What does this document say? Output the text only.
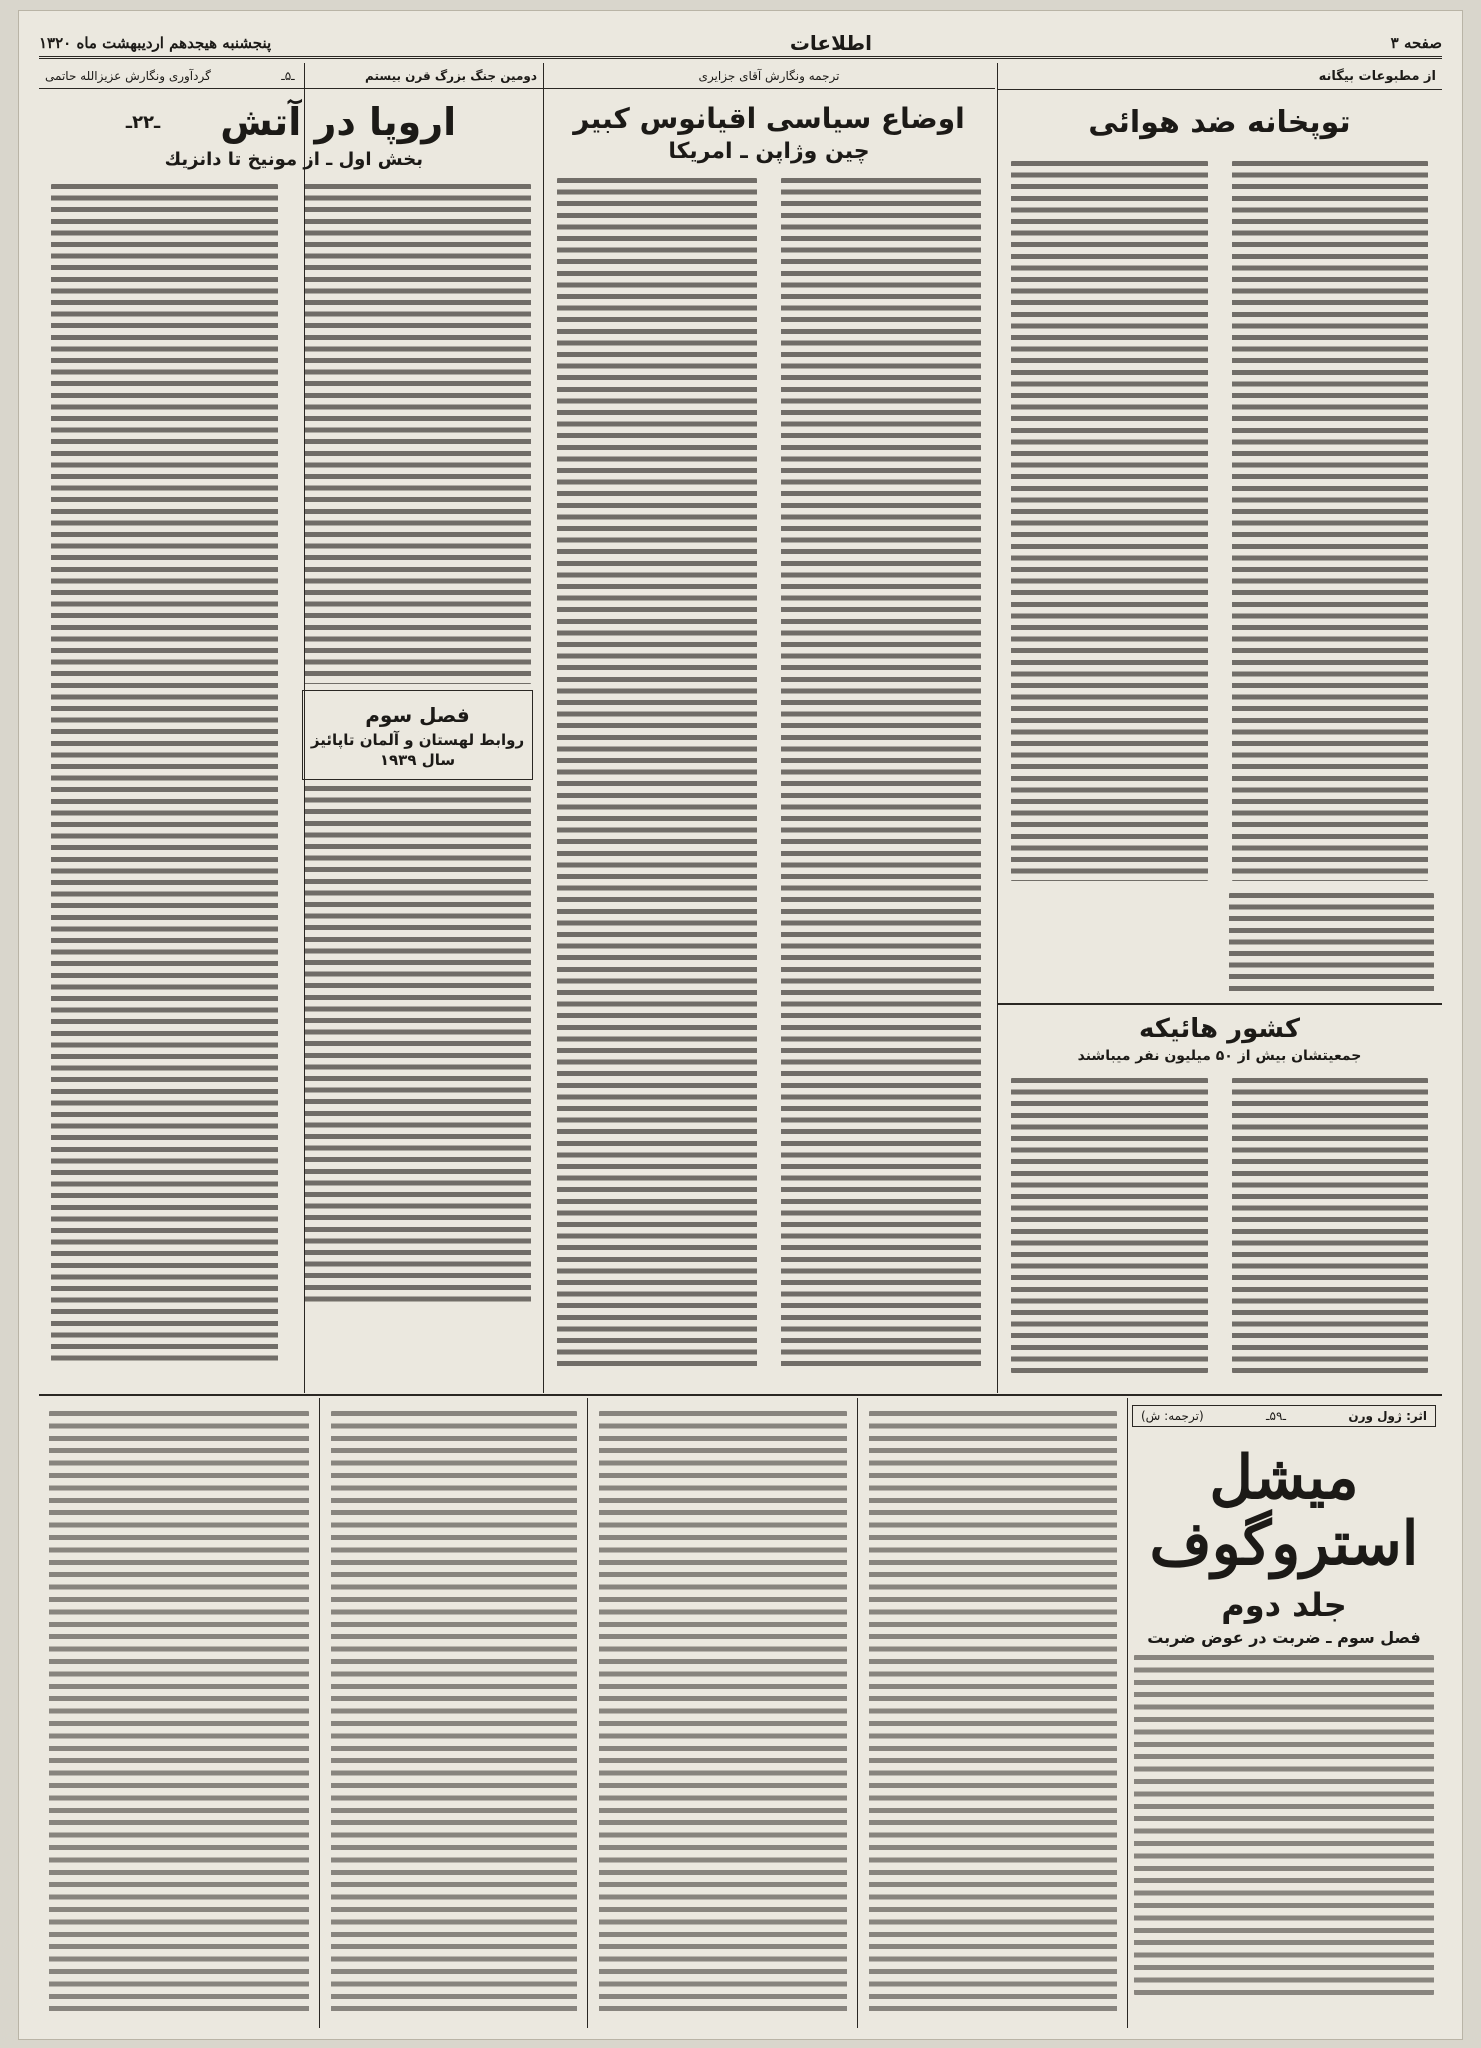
صفحه ۳
اطلاعات
پنجشنبه هیجدهم اردیبهشت ماه ۱۳۲۰
از مطبوعات بیگانه
توپخانه ضد هوائی
کشور هائیکه
جمعیتشان بیش از ۵۰ میلیون نفر میباشند
ترجمه ونگارش آقای جزایری
اوضاع سیاسی اقیانوس کبیر
چین وژاپن ـ امریکا
دومین جنگ بزرگ قرن بیستم
ـ۵ـ
گردآوری ونگارش عزیزالله حاتمی
اروپا در آتش
ـ۲۲ـ
بخش اول ـ از مونیخ تا دانزیك
فصل سوم
روابط لهستان و آلمان تاپائیز
سال ۱۹۳۹
اثر: ژول ورن
ـ۵۹ـ
(ترجمه: ش)
میشل استروگوف
جلد دوم
فصل سوم ـ ضربت در عوض ضربت
